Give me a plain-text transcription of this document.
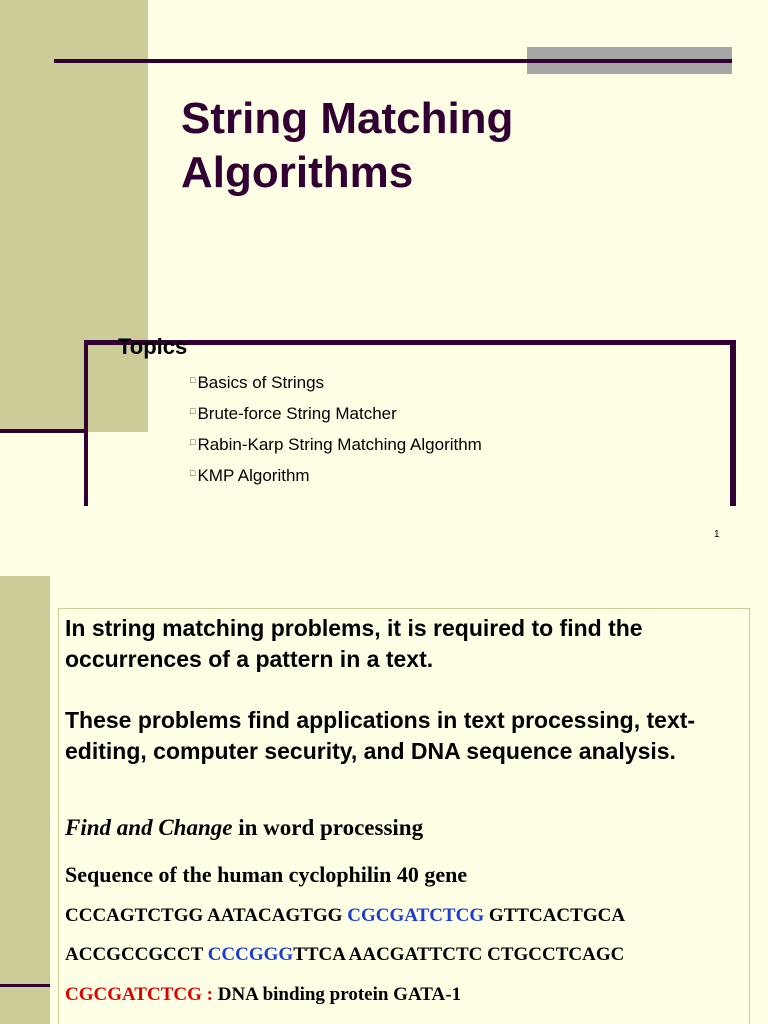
String Matching
Algorithms
Topics
□ Basics of Strings
□ Brute-force String Matcher
□ Rabin-Karp String Matching Algorithm
□ KMP Algorithm
1

In string matching problems, it is required to find the occurrences of a pattern in a text.

These problems find applications in text processing, text-editing, computer security, and DNA sequence analysis.

Find and Change in word processing

Sequence of the human cyclophilin 40 gene

CCCAGTCTGG AATACAGTGG CGCGATCTCG GTTCACTGCA

ACCGCCGCCT CCCGGGTTCA AACGATTCTC CTGCCTCAGC

CGCGATCTCG : DNA binding protein GATA-1
